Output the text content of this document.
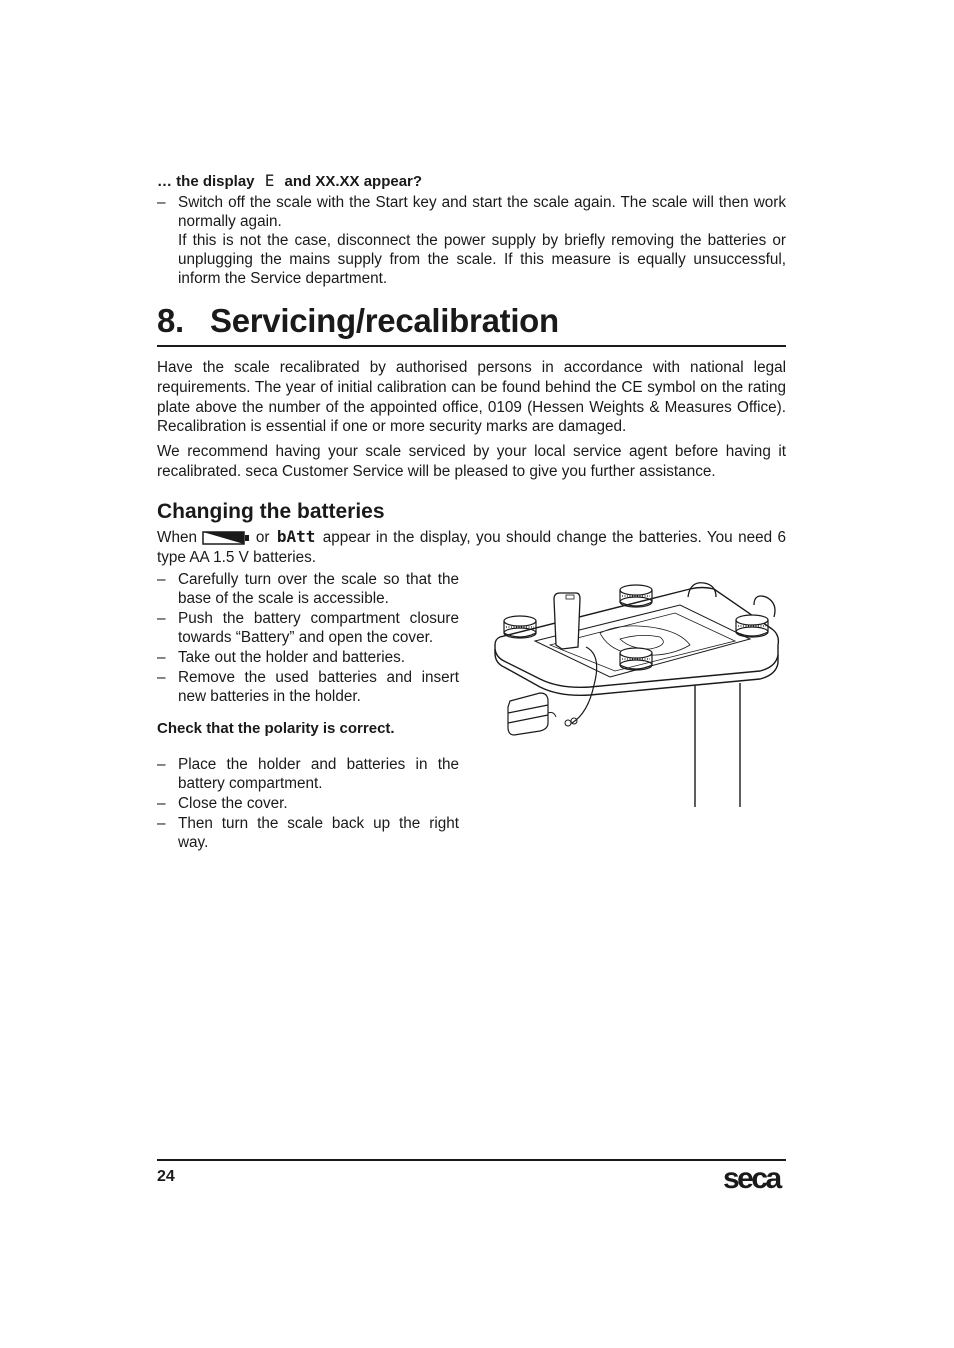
… the display E and XX.XX appear?
– Switch off the scale with the Start key and start the scale again. The scale will then work normally again.
If this is not the case, disconnect the power supply by briefly removing the batteries or unplugging the mains supply from the scale. If this measure is equally unsuccessful, inform the Service department.
8. Servicing/recalibration
Have the scale recalibrated by authorised persons in accordance with national legal requirements. The year of initial calibration can be found behind the CE symbol on the rating plate above the number of the appointed office, 0109 (Hessen Weights & Measures Office). Recalibration is essential if one or more security marks are damaged.
We recommend having your scale serviced by your local service agent before having it recalibrated. seca Customer Service will be pleased to give you further assistance.
Changing the batteries
When	or bAtt appear in the display, you should change the batteries. You need 6 type AA 1.5 V batteries.
– Carefully turn over the scale so that the base of the scale is accessible.
– Push the battery compartment closure towards “Battery” and open the cover.
– Take out the holder and batteries.
– Remove the used batteries and insert new batteries in the holder.
Check that the polarity is correct.
– Place the holder and batteries in the battery compartment.
– Close the cover.
– Then turn the scale back up the right way.
24	seca
